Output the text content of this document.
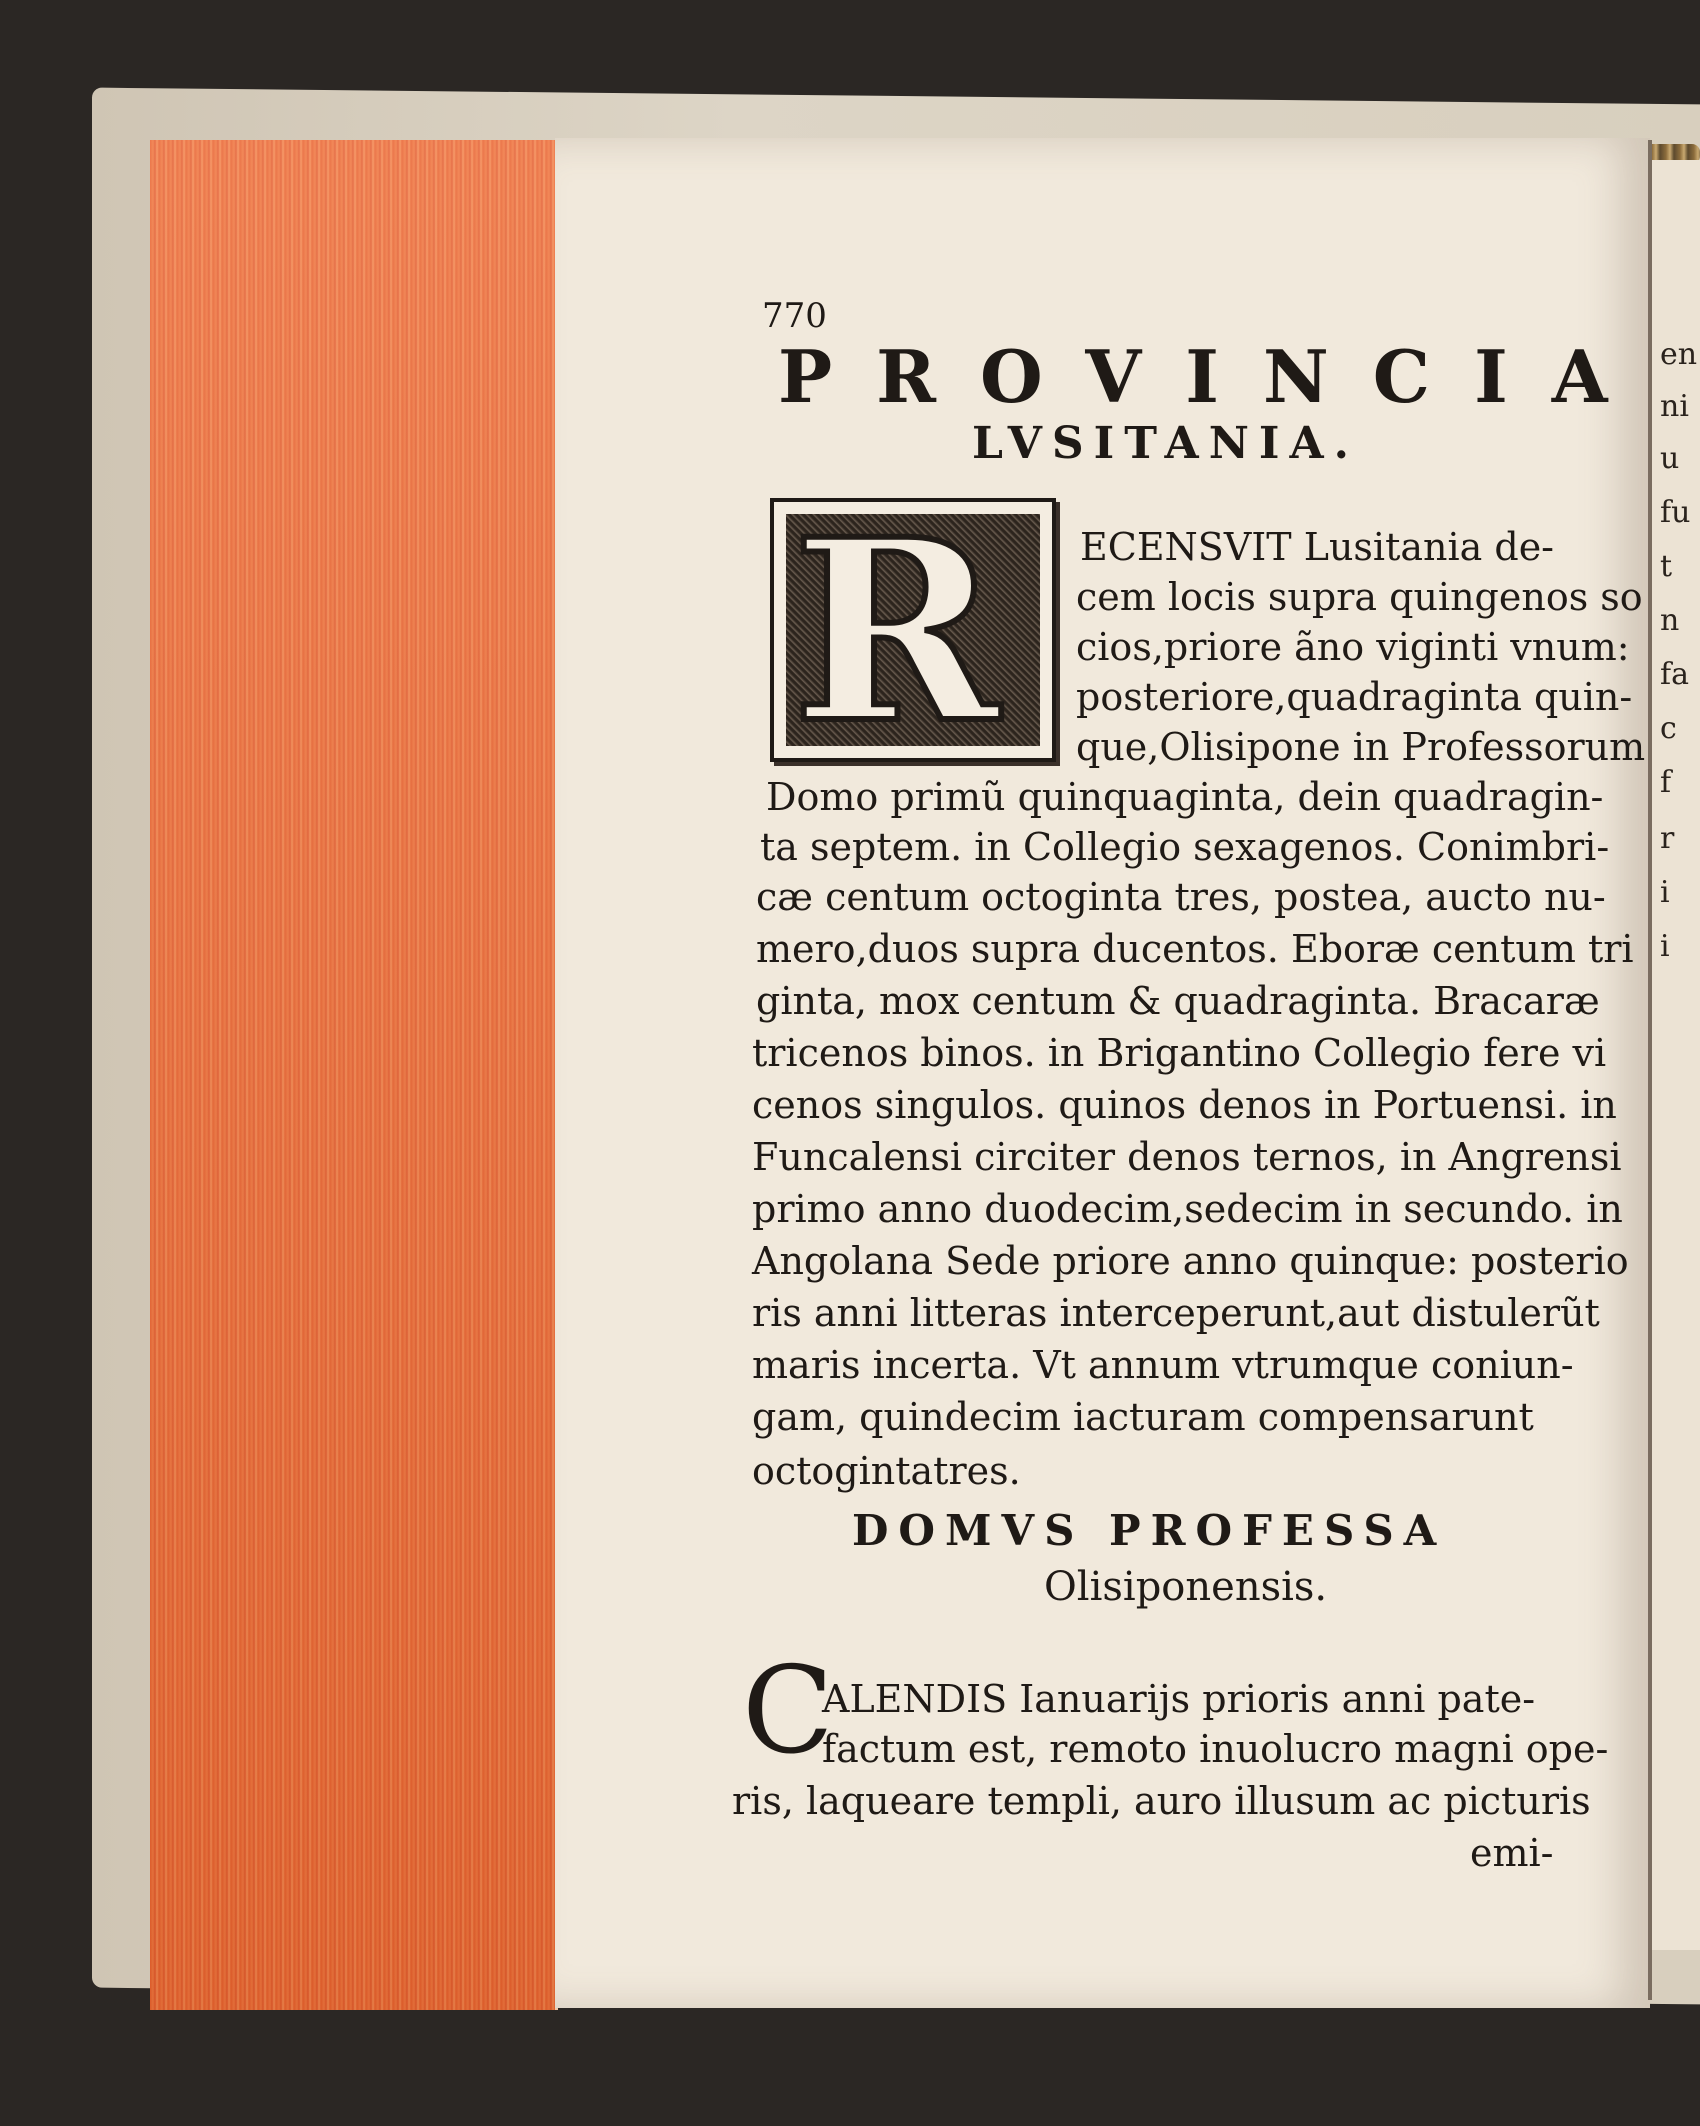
en
ni
u
fu
t
n
fa
c
f
r
i
i
770
PROVINCIA
LVSITANIA.
R ECENSVIT Lusitania de-
cem locis supra quingenos so
cios,priore ãno viginti vnum:
posteriore,quadraginta quin-
que,Olisipone in Professorum
Domo primũ quinquaginta, dein quadragin-
ta septem. in Collegio sexagenos. Conimbri-
cæ centum octoginta tres, postea, aucto nu-
mero,duos supra ducentos. Eboræ centum tri
ginta, mox centum & quadraginta. Bracaræ
tricenos binos. in Brigantino Collegio fere vi
cenos singulos. quinos denos in Portuensi. in
Funcalensi circiter denos ternos, in Angrensi
primo anno duodecim,sedecim in secundo. in
Angolana Sede priore anno quinque: posterio
ris anni litteras interceperunt,aut distulerũt
maris incerta. Vt annum vtrumque coniun-
gam, quindecim iacturam compensarunt
octogintatres.
DOMVS PROFESSA
Olisiponensis.
C
ALENDIS Ianuarijs prioris anni pate-
factum est, remoto inuolucro magni ope-
ris, laqueare templi, auro illusum ac picturis
emi-
